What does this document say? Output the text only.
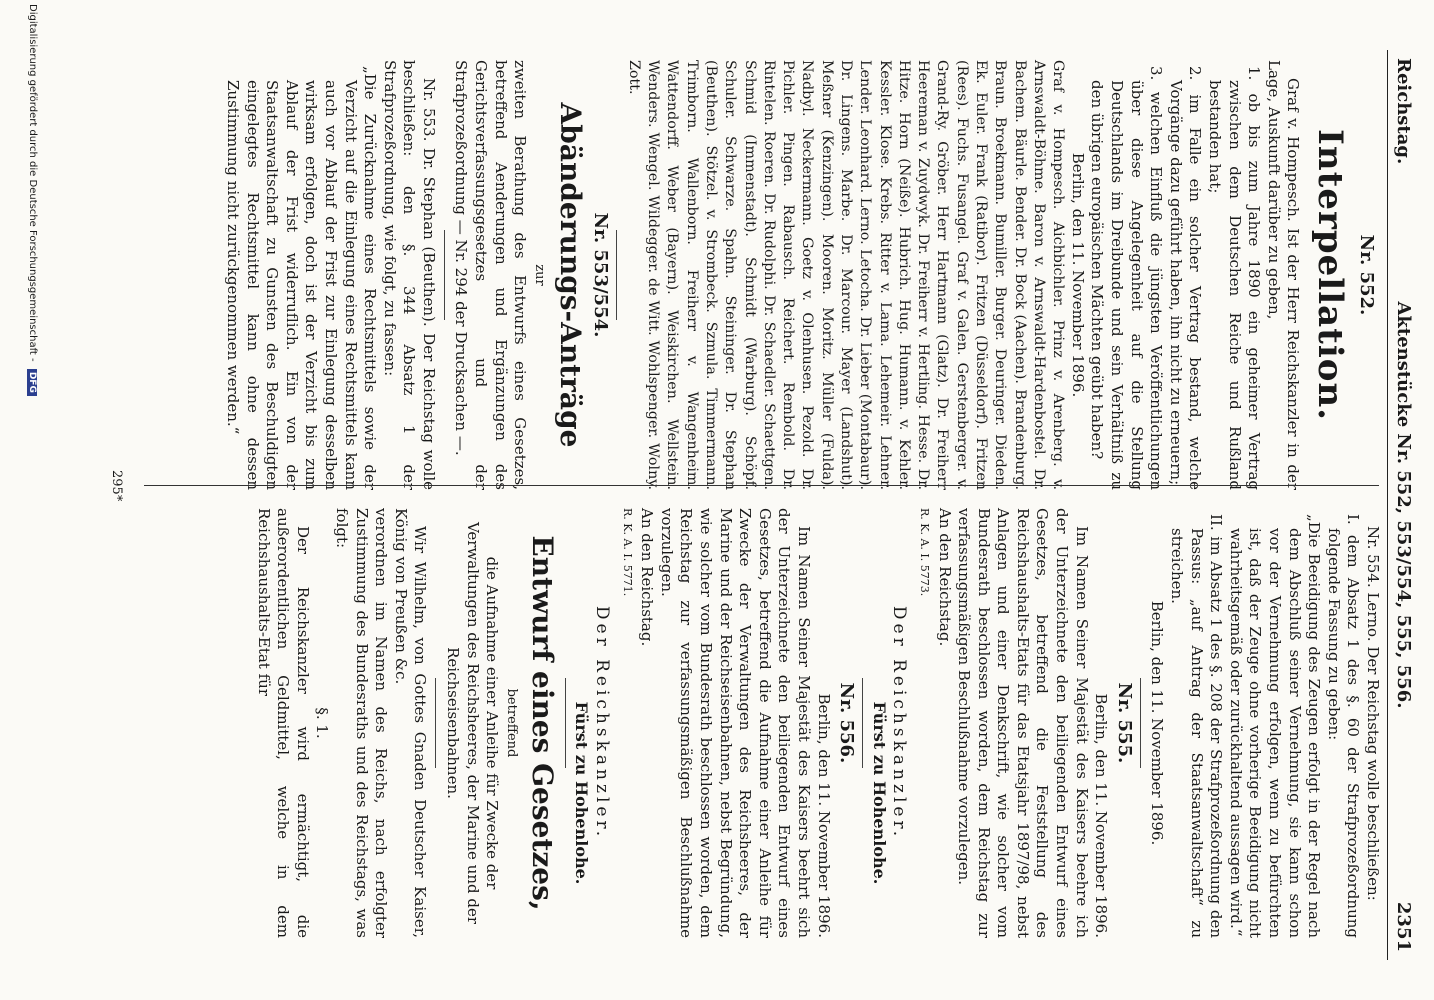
Reichstag.
Aktenstücke Nr. 552, 553/554, 555, 556.
2351
Nr. 552.
Interpellation.

Graf v. Hompesch. Ist der Herr Reichskanzler in der Lage, Auskunft darüber zu geben,

1. ob bis zum Jahre 1890 ein geheimer Vertrag zwischen dem Deutschen Reiche und Rußland bestanden hat;

2. im Falle ein solcher Vertrag bestand, welche Vorgänge dazu geführt haben, ihn nicht zu erneuern;

3. welchen Einfluß die jüngsten Veröffentlichungen über diese Angelegenheit auf die Stellung Deutschlands im Dreibunde und sein Verhältniß zu den übrigen europäischen Mächten geübt haben?

Berlin, den 11. November 1896.

Graf v. Hompesch. Aichbichler. Prinz v. Arenberg. v. Arnswaldt-Böhme. Baron v. Arnswaldt-Hardenbostel. Dr. Bachem. Bäurle. Bender. Dr. Bock (Aachen). Brandenburg. Braun. Broekmann. Bumiller. Burger. Deuringer. Dieden. Ek. Euler. Frank (Ratibor). Fritzen (Düsseldorf). Fritzen (Rees). Fuchs. Fusangel. Graf v. Galen. Gerstenberger. v. Grand-Ry. Gröber. Herr Hartmann (Glatz). Dr. Freiherr Heereman v. Zuydwyk. Dr. Freiherr v. Hertling. Hesse. Dr. Hitze. Horn (Neiße). Hubrich. Hug. Humann. v. Kehler. Kessler. Klose. Krebs. Ritter v. Lama. Lehemeir. Lehner. Lender. Leonhard. Lerno. Letocha. Dr. Lieber (Montabaur). Dr. Lingens. Marbe. Dr. Marcour. Mayer (Landshut). Meßner (Kenzingen). Mooren. Moritz. Müller (Fulda). Nadbyl. Neckermann. Goetz v. Olenhusen. Pezold. Dr. Pichler. Pingen. Rabausch. Reichert. Rembold. Dr. Rintelen. Roeren. Dr. Rudolphi. Dr. Schaedler. Schaettgen. Schmid (Immenstadt). Schmidt (Warburg). Schöpf. Schuler. Schwarze. Spahn. Steininger. Dr. Stephan (Beuthen). Stötzel. v. Strombeck. Szmula. Timmermann. Trimborn. Wallenborn. Freiherr v. Wangenheim. Wattendorff. Weber (Bayern). Weiskirchen. Wellstein. Wenders. Wengel. Wildegger. de Witt. Wohlspenger. Wolny. Zott.

Nr. 553/554.
Abänderungs-Anträge
zur

zweiten Berathung des Entwurfs eines Gesetzes, betreffend Aenderungen und Ergänzungen des Gerichtsverfassungsgesetzes und der Strafprozeßordnung — Nr. 294 der Drucksachen —.

Nr. 553. Dr. Stephan (Beuthen). Der Reichstag wolle beschließen: den §. 344 Absatz 1 der Strafprozeßordnung, wie folgt, zu fassen:

„Die Zurücknahme eines Rechtsmittels sowie der Verzicht auf die Einlegung eines Rechtsmittels kann auch vor Ablauf der Frist zur Einlegung desselben wirksam erfolgen, doch ist der Verzicht bis zum Ablauf der Frist widerruflich. Ein von der Staatsanwaltschaft zu Gunsten des Beschuldigten eingelegtes Rechtsmittel kann ohne dessen Zustimmung nicht zurückgenommen werden.“

Nr. 554. Lerno. Der Reichstag wolle beschließen:

I. dem Absatz 1 des §. 60 der Strafprozeßordnung folgende Fassung zu geben:

„Die Beeidigung des Zeugen erfolgt in der Regel nach dem Abschluß seiner Vernehmung, sie kann schon vor der Vernehmung erfolgen, wenn zu befürchten ist, daß der Zeuge ohne vorherige Beeidigung nicht wahrheitsgemäß oder zurückhaltend aussagen wird.“

II. im Absatz 1 des §. 208 der Strafprozeßordnung den Passus: „auf Antrag der Staatsanwaltschaft“ zu streichen.

Berlin, den 11. November 1896.

Nr. 555.

Berlin, den 11. November 1896.

Im Namen Seiner Majestät des Kaisers beehre ich der Unterzeichnete den beiliegenden Entwurf eines Gesetzes, betreffend die Feststellung des Reichshaushalts-Etats für das Etatsjahr 1897/98, nebst Anlagen und einer Denkschrift, wie solcher vom Bundesrath beschlossen worden, dem Reichstag zur verfassungsmäßigen Beschlußnahme vorzulegen.

An den Reichstag.

R. K. A. I. 5773.

Der Reichskanzler.
Fürst zu Hohenlohe.
Nr. 556.

Berlin, den 11. November 1896.

Im Namen Seiner Majestät des Kaisers beehrt sich der Unterzeichnete den beiliegenden Entwurf eines Gesetzes, betreffend die Aufnahme einer Anleihe für Zwecke der Verwaltungen des Reichsheeres, der Marine und der Reichseisenbahnen, nebst Begründung, wie solcher vom Bundesrath beschlossen worden, dem Reichstag zur verfassungsmäßigen Beschlußnahme vorzulegen.

An den Reichstag.

R. K. A. I. 5771.

Der Reichskanzler.
Fürst zu Hohenlohe.
Entwurf eines Gesetzes,
betreffend

die Aufnahme einer Anleihe für Zwecke der Verwaltungen des Reichsheeres, der Marine und der Reichseisenbahnen.

Wir Wilhelm, von Gottes Gnaden Deutscher Kaiser, König von Preußen &c.

verordnen im Namen des Reichs, nach erfolgter Zustimmung des Bundesraths und des Reichstags, was folgt:

§. 1.

Der Reichskanzler wird ermächtigt, die außerordentlichen Geldmittel, welche in dem Reichshaushalts-Etat für

295*
Digitalisierung gefördert durch die Deutsche Forschungsgemeinschaft - DFG
